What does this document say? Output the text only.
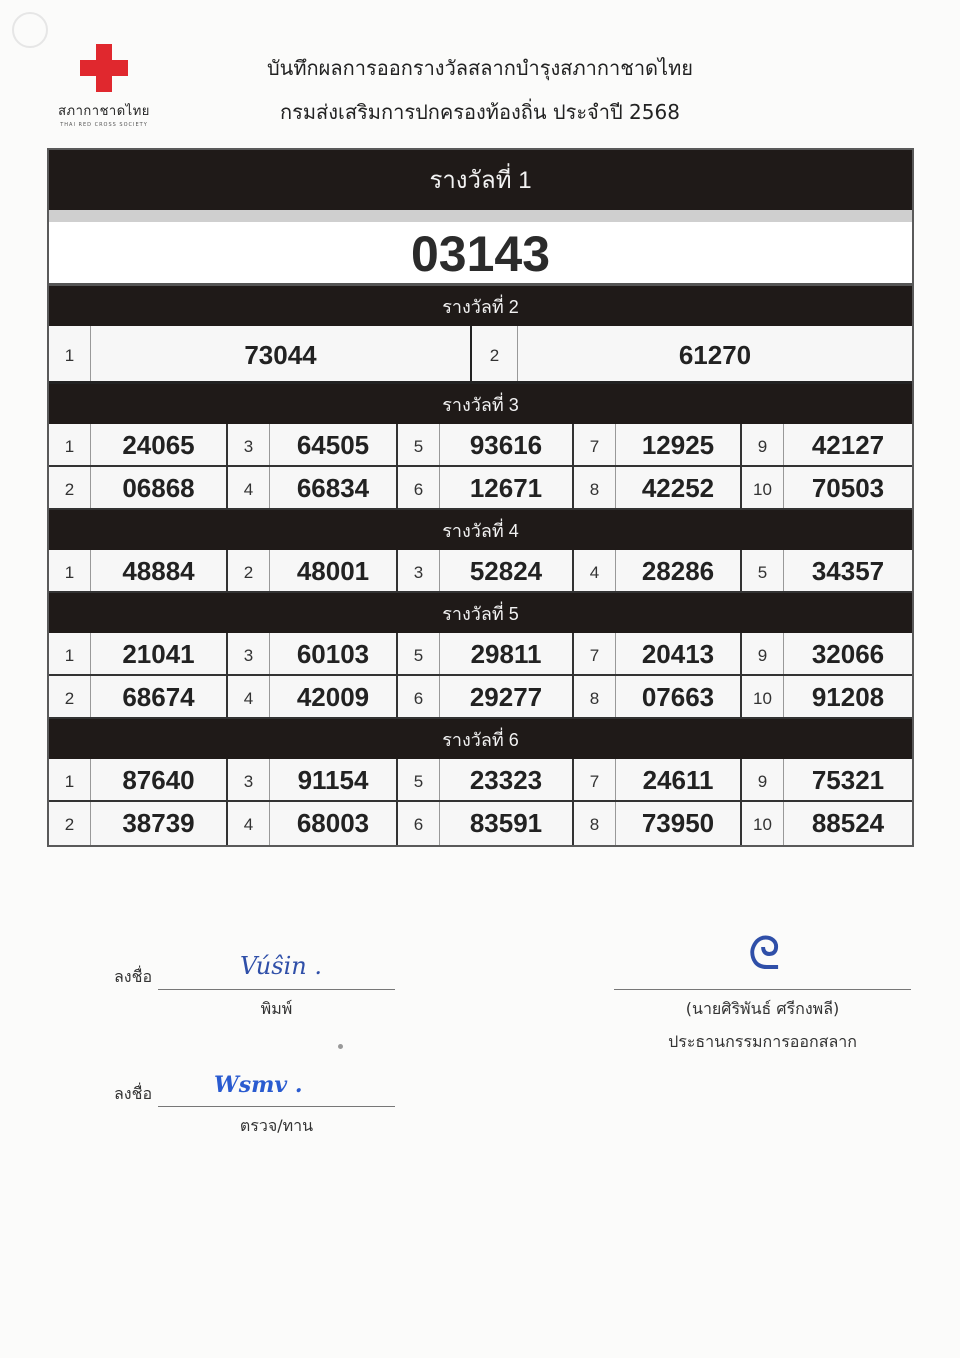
สภากาชาดไทย
THAI RED CROSS SOCIETY
บันทึกผลการออกรางวัลสลากบำรุงสภากาชาดไทย
กรมส่งเสริมการปกครองท้องถิ่น ประจำปี 2568
รางวัลที่ 1
03143
รางวัลที่ 2
1	73044	2	61270
รางวัลที่ 3
1	24065	3	64505	5	93616	7	12925	9	42127
2	06868	4	66834	6	12671	8	42252	10	70503
รางวัลที่ 4
1	48884	2	48001	3	52824	4	28286	5	34357
รางวัลที่ 5
1	21041	3	60103	5	29811	7	20413	9	32066
2	68674	4	42009	6	29277	8	07663	10	91208
รางวัลที่ 6
1	87640	3	91154	5	23323	7	24611	9	75321
2	38739	4	68003	6	83591	8	73950	10	88524
ลงชื่อ	Vúŝin .
พิมพ์
ลงชื่อ	Wsmv .
ตรวจ/ทาน
ᘓ
(นายศิริพันธ์ ศรีกงพลี)
ประธานกรรมการออกสลาก
